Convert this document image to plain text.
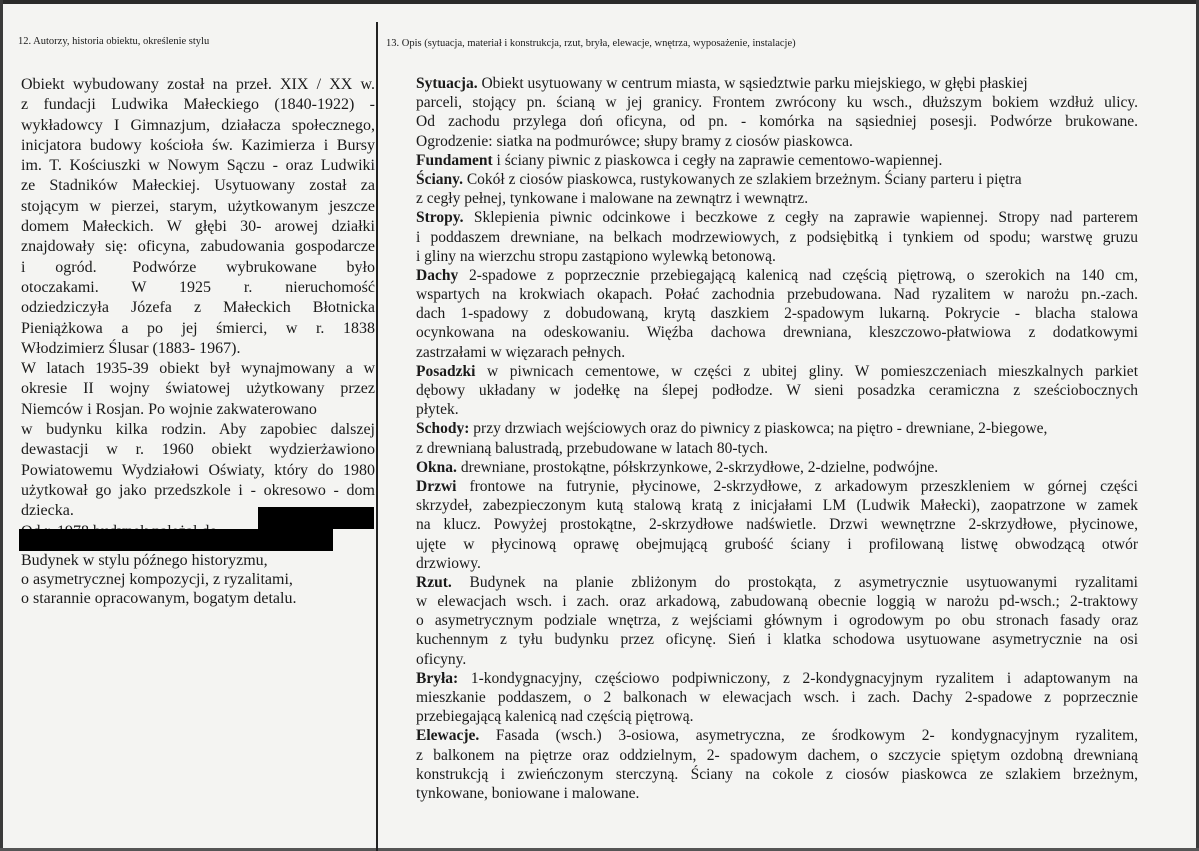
12. Autorzy, historia obiektu, określenie stylu	13. Opis (sytuacja, materiał i konstrukcja, rzut, bryła, elewacje, wnętrza, wyposażenie, instalacje)
Obiekt wybudowany został na przeł. XIX / XX w.
z fundacji Ludwika Małeckiego (1840-1922) -
wykładowcy I Gimnazjum, działacza społecznego,
inicjatora budowy kościoła św. Kazimierza i Bursy
im. T. Kościuszki w Nowym Sączu - oraz Ludwiki
ze Stadników Małeckiej. Usytuowany został za
stojącym w pierzei, starym, użytkowanym jeszcze
domem Małeckich. W głębi 30- arowej działki
znajdowały się: oficyna, zabudowania gospodarcze
i     ogród.      Podwórze     wybrukowane     było
otoczakami.     W     1925     r.     nieruchomość
odziedziczyła Józefa z Małeckich Błotnicka
Pieniążkowa a po jej śmierci, w r. 1838
Włodzimierz Ślusar (1883- 1967).
W latach 1935-39 obiekt był wynajmowany a w
okresie II wojny światowej użytkowany przez
Niemców i Rosjan. Po wojnie zakwaterowano
w budynku kilka rodzin. Aby zapobiec dalszej
dewastacji w r. 1960 obiekt wydzierżawiono
Powiatowemu Wydziałowi Oświaty, który do 1980
użytkował go jako przedszkole i - okresowo - dom
dziecka.
Budynek w stylu późnego historyzmu,
o asymetrycznej kompozycji, z ryzalitami,
o starannie opracowanym, bogatym detalu.
Sytuacja. Obiekt usytuowany w centrum miasta, w sąsiedztwie parku miejskiego, w głębi płaskiej
parceli, stojący pn. ścianą w jej granicy. Frontem zwrócony ku wsch., dłuższym bokiem wzdłuż ulicy.
Od zachodu przylega doń oficyna, od pn. - komórka na sąsiedniej posesji. Podwórze brukowane.
Ogrodzenie: siatka na podmurówce; słupy bramy z ciosów piaskowca.
Fundament i ściany piwnic z piaskowca i cegły na zaprawie cementowo-wapiennej.
Ściany. Cokół z ciosów piaskowca, rustykowanych ze szlakiem brzeżnym. Ściany parteru i piętra
z cegły pełnej, tynkowane i malowane na zewnątrz i wewnątrz.
Stropy. Sklepienia piwnic odcinkowe i beczkowe z cegły na zaprawie wapiennej. Stropy nad parterem
i poddaszem drewniane, na belkach modrzewiowych, z podsiębitką i tynkiem od spodu; warstwę gruzu
i gliny na wierzchu stropu zastąpiono wylewką betonową.
Dachy 2-spadowe z poprzecznie przebiegającą kalenicą nad częścią piętrową, o szerokich na 140 cm,
wspartych na krokwiach okapach. Połać zachodnia przebudowana. Nad ryzalitem w narożu pn.-zach.
dach 1-spadowy z dobudowaną, krytą daszkiem 2-spadowym lukarną. Pokrycie - blacha stalowa
ocynkowana na odeskowaniu. Więźba dachowa drewniana, kleszczowo-płatwiowa z dodatkowymi
zastrzałami w więzarach pełnych.
Posadzki w piwnicach cementowe, w części z ubitej gliny. W pomieszczeniach mieszkalnych parkiet
dębowy układany w jodełkę na ślepej podłodze. W sieni posadzka ceramiczna z sześciobocznych
płytek.
Schody: przy drzwiach wejściowych oraz do piwnicy z piaskowca; na piętro - drewniane, 2-biegowe,
z drewnianą balustradą, przebudowane w latach 80-tych.
Okna. drewniane, prostokątne, półskrzynkowe, 2-skrzydłowe, 2-dzielne, podwójne.
Drzwi frontowe na futrynie, płycinowe, 2-skrzydłowe, z arkadowym przeszkleniem w górnej części
skrzydeł, zabezpieczonym kutą stalową kratą z inicjałami LM (Ludwik Małecki), zaopatrzone w zamek
na klucz. Powyżej prostokątne, 2-skrzydłowe nadświetle. Drzwi wewnętrzne 2-skrzydłowe, płycinowe,
ujęte w płycinową oprawę obejmującą grubość ściany i profilowaną listwę obwodzącą otwór
drzwiowy.
Rzut. Budynek na planie zbliżonym do prostokąta, z asymetrycznie usytuowanymi ryzalitami
w elewacjach wsch. i zach. oraz arkadową, zabudowaną obecnie loggią w narożu pd-wsch.; 2-traktowy
o asymetrycznym podziale wnętrza, z wejściami głównym i ogrodowym po obu stronach fasady oraz
kuchennym z tyłu budynku przez oficynę. Sień i klatka schodowa usytuowane asymetrycznie na osi
oficyny.
Bryła: 1-kondygnacyjny, częściowo podpiwniczony, z 2-kondygnacyjnym ryzalitem i adaptowanym na
mieszkanie poddaszem, o 2 balkonach w elewacjach wsch. i zach. Dachy 2-spadowe z poprzecznie
przebiegającą kalenicą nad częścią piętrową.
Elewacje. Fasada (wsch.) 3-osiowa, asymetryczna, ze środkowym 2- kondygnacyjnym ryzalitem,
z balkonem na piętrze oraz oddzielnym, 2- spadowym dachem, o szczycie spiętym ozdobną drewnianą
konstrukcją i zwieńczonym sterczyną. Ściany na cokole z ciosów piaskowca ze szlakiem brzeżnym,
tynkowane, boniowane i malowane.
